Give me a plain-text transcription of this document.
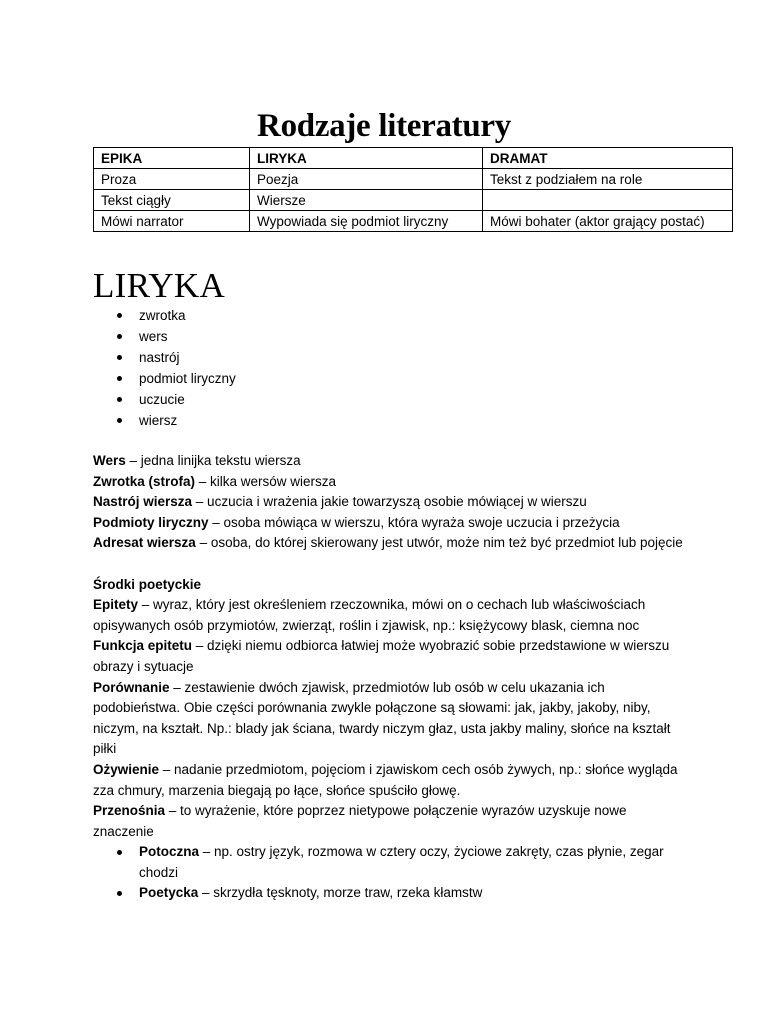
Rodzaje literatury
EPIKA	LIRYKA	DRAMAT
Proza	Poezja	Tekst z podziałem na role
Tekst ciągły	Wiersze	
Mówi narrator	Wypowiada się podmiot liryczny	Mówi bohater (aktor grający postać)
LIRYKA
zwrotka
wers
nastrój
podmiot liryczny
uczucie
wiersz

Wers – jedna linijka tekstu wiersza

Zwrotka (strofa) – kilka wersów wiersza

Nastrój wiersza – uczucia i wrażenia jakie towarzyszą osobie mówiącej w wierszu

Podmioty liryczny – osoba mówiąca w wierszu, która wyraża swoje uczucia i przeżycia

Adresat wiersza – osoba, do której skierowany jest utwór, może nim też być przedmiot lub pojęcie

Środki poetyckie

Epitety – wyraz, który jest określeniem rzeczownika, mówi on o cechach lub właściwościach opisywanych osób przymiotów, zwierząt, roślin i zjawisk, np.: księżycowy blask, ciemna noc

Funkcja epitetu – dzięki niemu odbiorca łatwiej może wyobrazić sobie przedstawione w wierszu obrazy i sytuacje

Porównanie – zestawienie dwóch zjawisk, przedmiotów lub osób w celu ukazania ich podobieństwa. Obie części porównania zwykle połączone są słowami: jak, jakby, jakoby, niby, niczym, na kształt. Np.: blady jak ściana, twardy niczym głaz, usta jakby maliny, słońce na kształt piłki

Ożywienie – nadanie przedmiotom, pojęciom i zjawiskom cech osób żywych, np.: słońce wygląda zza chmury, marzenia biegają po łące, słońce spuściło głowę.

Przenośnia – to wyrażenie, które poprzez nietypowe połączenie wyrazów uzyskuje nowe znaczenie

Potoczna – np. ostry język, rozmowa w cztery oczy, życiowe zakręty, czas płynie, zegar chodzi
Poetycka – skrzydła tęsknoty, morze traw, rzeka kłamstw
